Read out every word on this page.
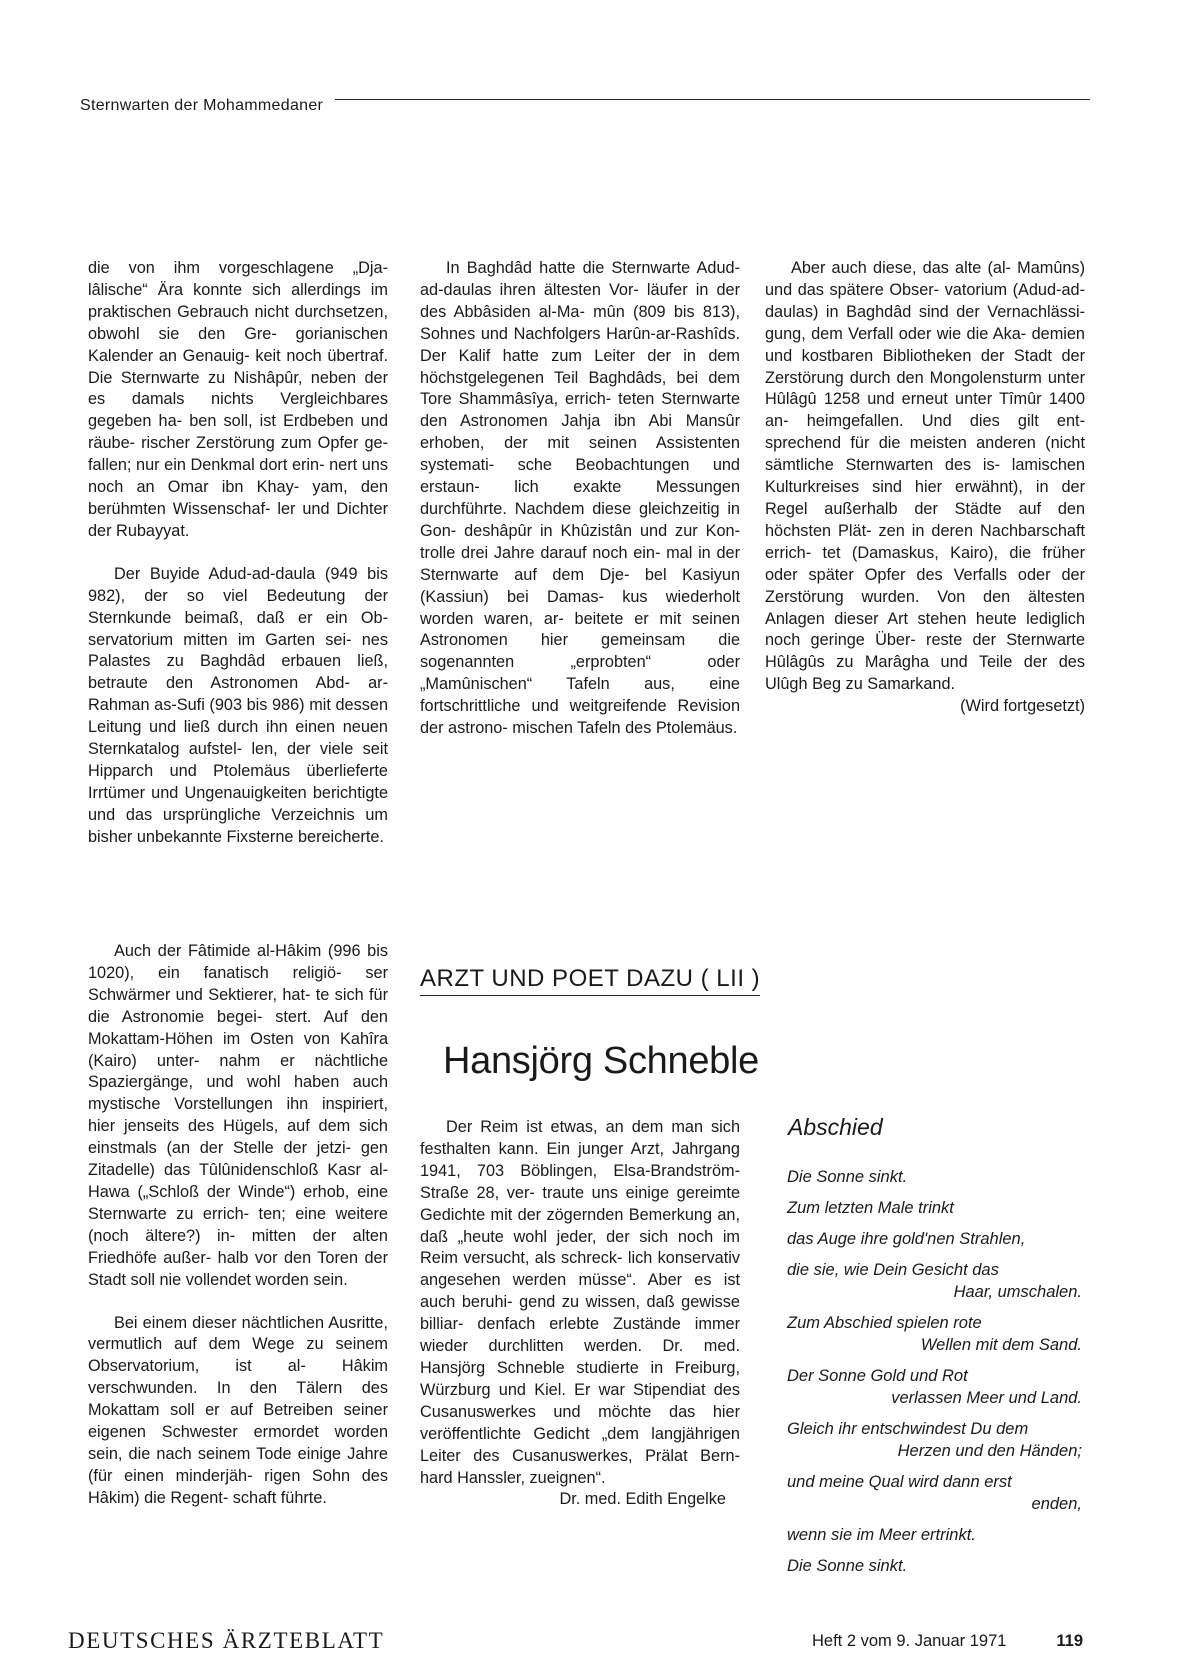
Sternwarten der Mohammedaner

die von ihm vorgeschlagene „Dja- lâlische“ Ära konnte sich allerdings im praktischen Gebrauch nicht durchsetzen, obwohl sie den Gre- gorianischen Kalender an Genauig- keit noch übertraf. Die Sternwarte zu Nishâpûr, neben der es damals nichts Vergleichbares gegeben ha- ben soll, ist Erdbeben und räube- rischer Zerstörung zum Opfer ge- fallen; nur ein Denkmal dort erin- nert uns noch an Omar ibn Khay- yam, den berühmten Wissenschaf- ler und Dichter der Rubayyat.

Der Buyide Adud-ad-daula (949 bis 982), der so viel Bedeutung der Sternkunde beimaß, daß er ein Ob- servatorium mitten im Garten sei- nes Palastes zu Baghdâd erbauen ließ, betraute den Astronomen Abd- ar-Rahman as-Sufi (903 bis 986) mit dessen Leitung und ließ durch ihn einen neuen Sternkatalog aufstel- len, der viele seit Hipparch und Ptolemäus überlieferte Irrtümer und Ungenauigkeiten berichtigte und das ursprüngliche Verzeichnis um bisher unbekannte Fixsterne bereicherte.

Auch der Fâtimide al-Hâkim (996 bis 1020), ein fanatisch religiö- ser Schwärmer und Sektierer, hat- te sich für die Astronomie begei- stert. Auf den Mokattam-Höhen im Osten von Kahîra (Kairo) unter- nahm er nächtliche Spaziergänge, und wohl haben auch mystische Vorstellungen ihn inspiriert, hier jenseits des Hügels, auf dem sich einstmals (an der Stelle der jetzi- gen Zitadelle) das Tûlûnidenschloß Kasr al-Hawa („Schloß der Winde“) erhob, eine Sternwarte zu errich- ten; eine weitere (noch ältere?) in- mitten der alten Friedhöfe außer- halb vor den Toren der Stadt soll nie vollendet worden sein.

Bei einem dieser nächtlichen Ausritte, vermutlich auf dem Wege zu seinem Observatorium, ist al- Hâkim verschwunden. In den Tälern des Mokattam soll er auf Betreiben seiner eigenen Schwester ermordet worden sein, die nach seinem Tode einige Jahre (für einen minderjäh- rigen Sohn des Hâkim) die Regent- schaft führte.

In Baghdâd hatte die Sternwarte Adud-ad-daulas ihren ältesten Vor- läufer in der des Abbâsiden al-Ma- mûn (809 bis 813), Sohnes und Nachfolgers Harûn-ar-Rashîds. Der Kalif hatte zum Leiter der in dem höchstgelegenen Teil Baghdâds, bei dem Tore Shammâsîya, errich- teten Sternwarte den Astronomen Jahja ibn Abi Mansûr erhoben, der mit seinen Assistenten systemati- sche Beobachtungen und erstaun- lich exakte Messungen durchführte. Nachdem diese gleichzeitig in Gon- deshâpûr in Khûzistân und zur Kon- trolle drei Jahre darauf noch ein- mal in der Sternwarte auf dem Dje- bel Kasiyun (Kassiun) bei Damas- kus wiederholt worden waren, ar- beitete er mit seinen Astronomen hier gemeinsam die sogenannten „erprobten“ oder „Mamûnischen“ Tafeln aus, eine fortschrittliche und weitgreifende Revision der astrono- mischen Tafeln des Ptolemäus.

Aber auch diese, das alte (al- Mamûns) und das spätere Obser- vatorium (Adud-ad-daulas) in Baghdâd sind der Vernachlässi- gung, dem Verfall oder wie die Aka- demien und kostbaren Bibliotheken der Stadt der Zerstörung durch den Mongolensturm unter Hûlâgû 1258 und erneut unter Tîmûr 1400 an- heimgefallen. Und dies gilt ent- sprechend für die meisten anderen (nicht sämtliche Sternwarten des is- lamischen Kulturkreises sind hier erwähnt), in der Regel außerhalb der Städte auf den höchsten Plät- zen in deren Nachbarschaft errich- tet (Damaskus, Kairo), die früher oder später Opfer des Verfalls oder der Zerstörung wurden. Von den ältesten Anlagen dieser Art stehen heute lediglich noch geringe Über- reste der Sternwarte Hûlâgûs zu Marâgha und Teile der des Ulûgh Beg zu Samarkand.

(Wird fortgesetzt)
ARZT UND POET DAZU ( LII )
Hansjörg Schneble

Der Reim ist etwas, an dem man sich festhalten kann. Ein junger Arzt, Jahrgang 1941, 703 Böblingen, Elsa-Brandström-Straße 28, ver- traute uns einige gereimte Gedichte mit der zögernden Bemerkung an, daß „heute wohl jeder, der sich noch im Reim versucht, als schreck- lich konservativ angesehen werden müsse“. Aber es ist auch beruhi- gend zu wissen, daß gewisse billiar- denfach erlebte Zustände immer wieder durchlitten werden. Dr. med. Hansjörg Schneble studierte in Freiburg, Würzburg und Kiel. Er war Stipendiat des Cusanuswerkes und möchte das hier veröffentlichte Gedicht „dem langjährigen Leiter des Cusanuswerkes, Prälat Bern- hard Hanssler, zueignen“.

Dr. med. Edith Engelke
Abschied
Die Sonne sinkt.
Zum letzten Male trinkt
das Auge ihre gold'nen Strahlen,
die sie, wie Dein Gesicht das
Haar, umschalen.
Zum Abschied spielen rote
Wellen mit dem Sand.
Der Sonne Gold und Rot
verlassen Meer und Land.
Gleich ihr entschwindest Du dem
Herzen und den Händen;
und meine Qual wird dann erst
enden,
wenn sie im Meer ertrinkt.
Die Sonne sinkt.
DEUTSCHES ÄRZTEBLATT	Heft 2 vom 9. Januar 1971	119
